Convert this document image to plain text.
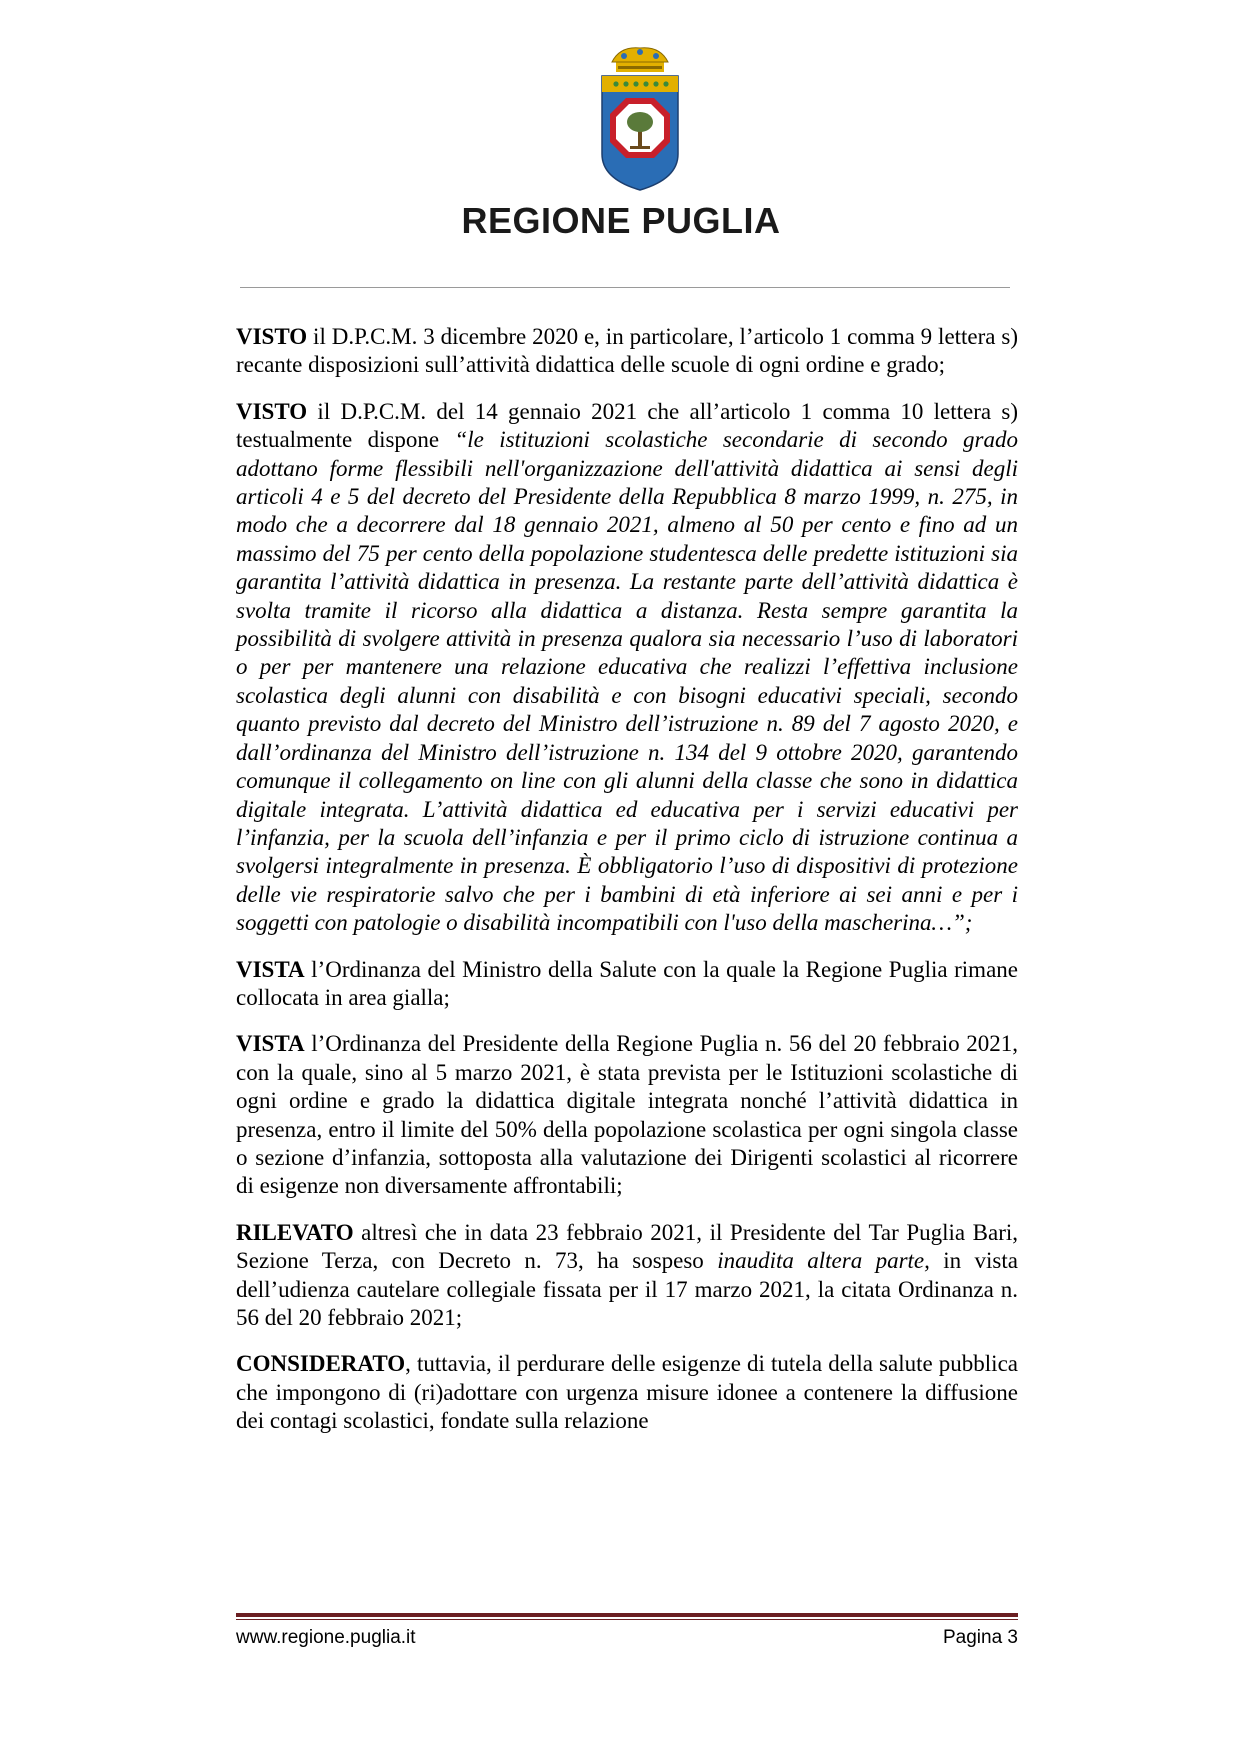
REGIONE PUGLIA

VISTO il D.P.C.M. 3 dicembre 2020 e, in particolare, l’articolo 1 comma 9 lettera s) recante disposizioni sull’attività didattica delle scuole di ogni ordine e grado;

VISTO il D.P.C.M. del 14 gennaio 2021 che all’articolo 1 comma 10 lettera s) testualmente dispone “le istituzioni scolastiche secondarie di secondo grado adottano forme flessibili nell'organizzazione dell'attività didattica ai sensi degli articoli 4 e 5 del decreto del Presidente della Repubblica 8 marzo 1999, n. 275, in modo che a decorrere dal 18 gennaio 2021, almeno al 50 per cento e fino ad un massimo del 75 per cento della popolazione studentesca delle predette istituzioni sia garantita l’attività didattica in presenza. La restante parte dell’attività didattica è svolta tramite il ricorso alla didattica a distanza. Resta sempre garantita la possibilità di svolgere attività in presenza qualora sia necessario l’uso di laboratori o per per mantenere una relazione educativa che realizzi l’effettiva inclusione scolastica degli alunni con disabilità e con bisogni educativi speciali, secondo quanto previsto dal decreto del Ministro dell’istruzione n. 89 del 7 agosto 2020, e dall’ordinanza del Ministro dell’istruzione n. 134 del 9 ottobre 2020, garantendo comunque il collegamento on line con gli alunni della classe che sono in didattica digitale integrata. L’attività didattica ed educativa per i servizi educativi per l’infanzia, per la scuola dell’infanzia e per il primo ciclo di istruzione continua a svolgersi integralmente in presenza. È obbligatorio l’uso di dispositivi di protezione delle vie respiratorie salvo che per i bambini di età inferiore ai sei anni e per i soggetti con patologie o disabilità incompatibili con l'uso della mascherina…”;

VISTA l’Ordinanza del Ministro della Salute con la quale la Regione Puglia rimane collocata in area gialla;

VISTA l’Ordinanza del Presidente della Regione Puglia n. 56 del 20 febbraio 2021, con la quale, sino al 5 marzo 2021, è stata prevista per le Istituzioni scolastiche di ogni ordine e grado la didattica digitale integrata nonché l’attività didattica in presenza, entro il limite del 50% della popolazione scolastica per ogni singola classe o sezione d’infanzia, sottoposta alla valutazione dei Dirigenti scolastici al ricorrere di esigenze non diversamente affrontabili;

RILEVATO altresì che in data 23 febbraio 2021, il Presidente del Tar Puglia Bari, Sezione Terza, con Decreto n. 73, ha sospeso inaudita altera parte, in vista dell’udienza cautelare collegiale fissata per il 17 marzo 2021, la citata Ordinanza n. 56 del 20 febbraio 2021;

CONSIDERATO, tuttavia, il perdurare delle esigenze di tutela della salute pubblica che impongono di (ri)adottare con urgenza misure idonee a contenere la diffusione dei contagi scolastici, fondate sulla relazione

www.regione.puglia.it	Pagina 3
